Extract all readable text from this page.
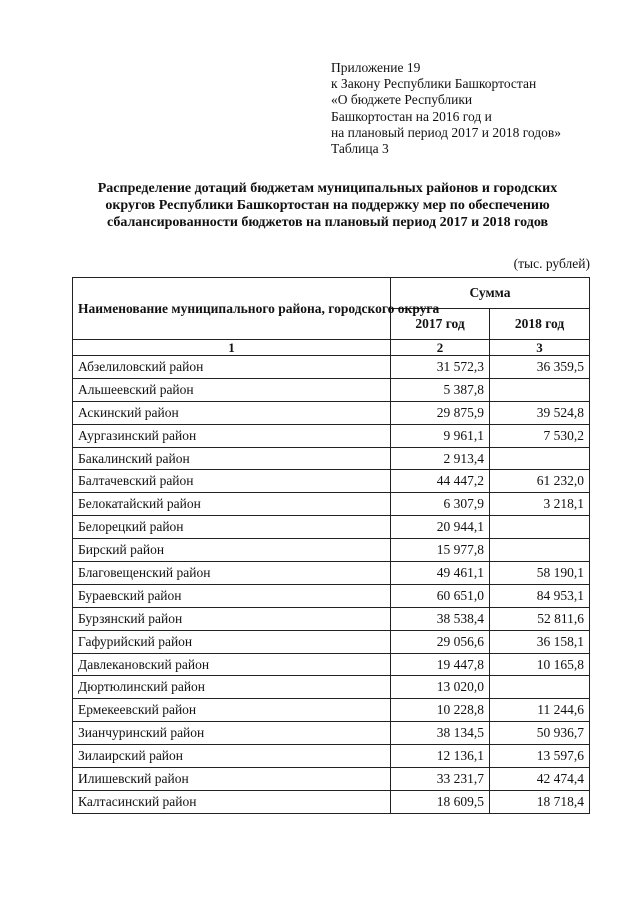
Приложение 19
к Закону Республики Башкортостан
«О бюджете Республики
Башкортостан на 2016 год и
на плановый период 2017 и 2018 годов»
Таблица 3
Распределение дотаций бюджетам муниципальных районов и городских
округов Республики Башкортостан на поддержку мер по обеспечению
сбалансированности бюджетов на плановый период 2017 и 2018 годов
(тыс. рублей)
Наименование муниципального района, городского округа	Сумма	
	2017 год	2018 год
1	2	3
Абзелиловский район	31 572,3	36 359,5
Альшеевский район	5 387,8	
Аскинский район	29 875,9	39 524,8
Аургазинский район	9 961,1	7 530,2
Бакалинский район	2 913,4	
Балтачевский район	44 447,2	61 232,0
Белокатайский район	6 307,9	3 218,1
Белорецкий район	20 944,1	
Бирский район	15 977,8	
Благовещенский район	49 461,1	58 190,1
Бураевский район	60 651,0	84 953,1
Бурзянский район	38 538,4	52 811,6
Гафурийский район	29 056,6	36 158,1
Давлекановский район	19 447,8	10 165,8
Дюртюлинский район	13 020,0	
Ермекеевский район	10 228,8	11 244,6
Зианчуринский район	38 134,5	50 936,7
Зилаирский район	12 136,1	13 597,6
Илишевский район	33 231,7	42 474,4
Калтасинский район	18 609,5	18 718,4
